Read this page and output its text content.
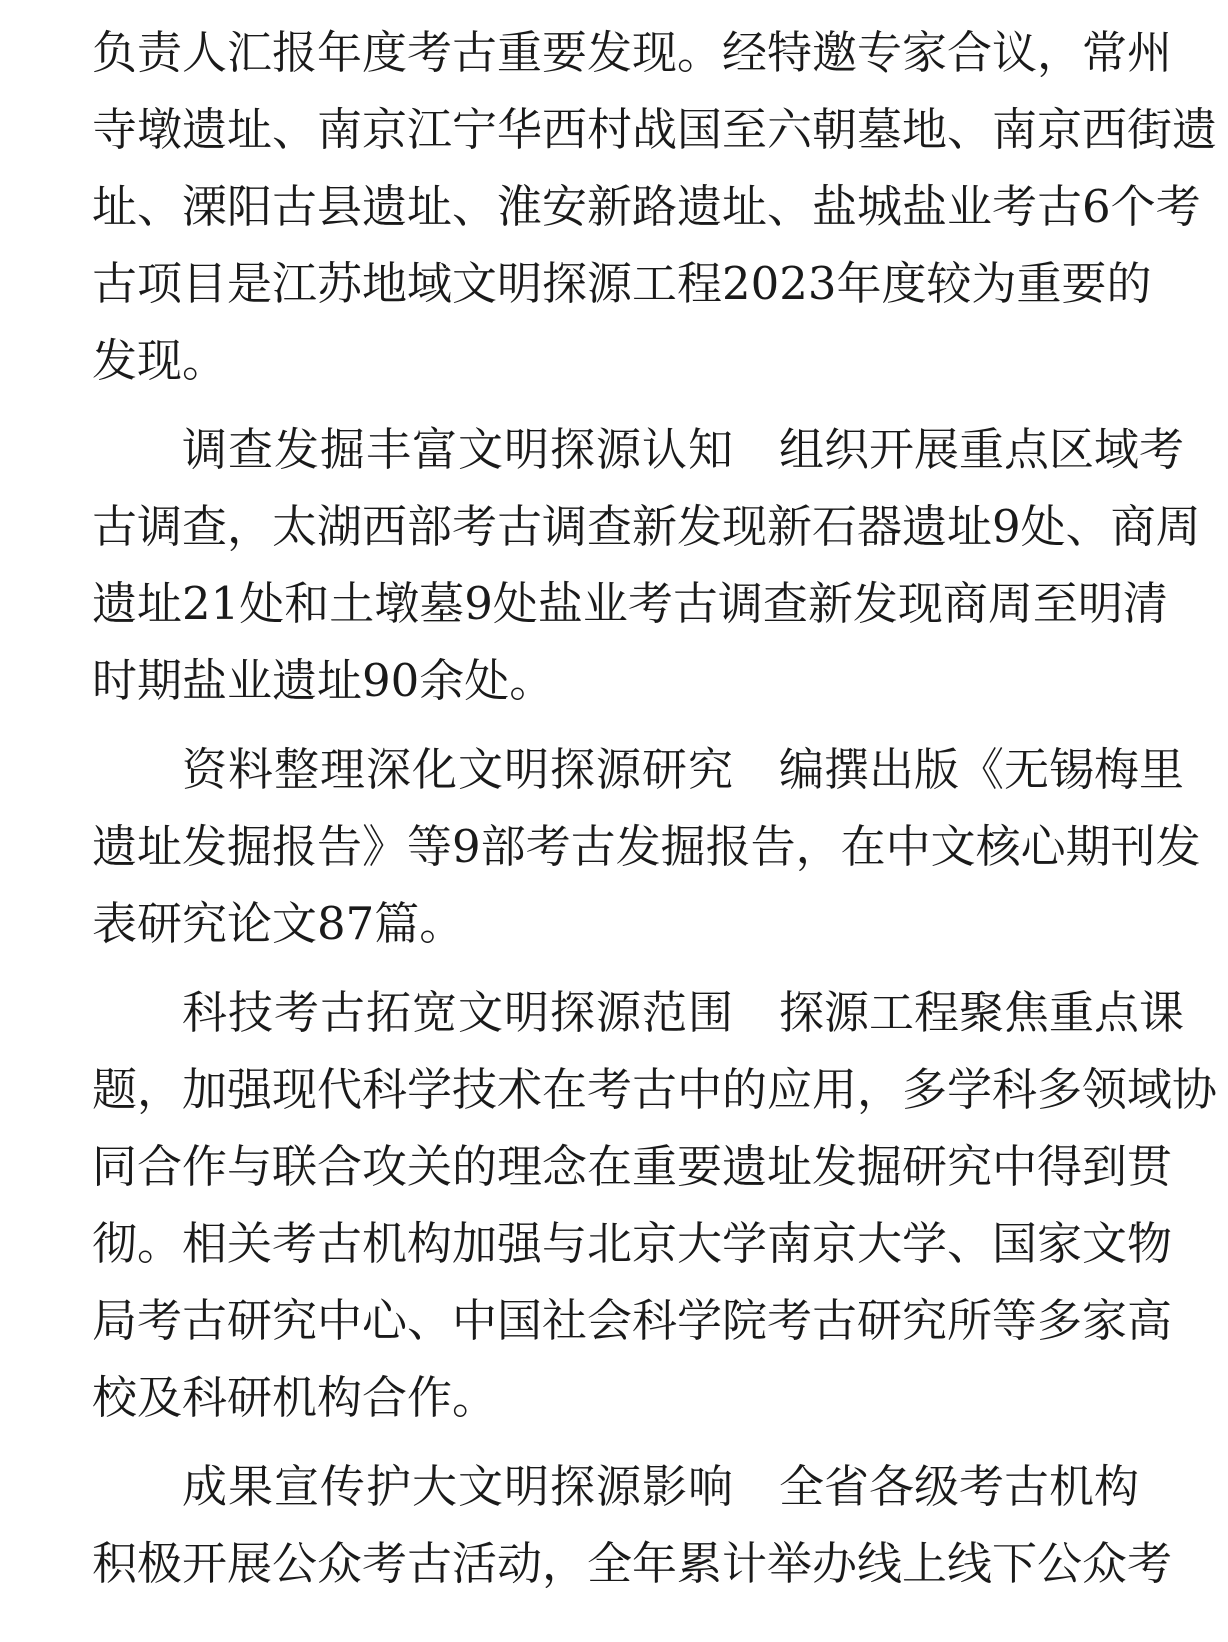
负责人汇报年度考古重要发现。经特邀专家合议，常州
寺墩遗址、南京江宁华西村战国至六朝墓地、南京西街遗
址、溧阳古县遗址、淮安新路遗址、盐城盐业考古6个考
古项目是江苏地域文明探源工程2023年度较为重要的
发现。
调查发掘丰富文明探源认知 组织开展重点区域考
古调查，太湖西部考古调查新发现新石器遗址9处、商周
遗址21处和土墩墓9处盐业考古调查新发现商周至明清
时期盐业遗址90余处。
资料整理深化文明探源研究 编撰出版《无锡梅里
遗址发掘报告》等9部考古发掘报告，在中文核心期刊发
表研究论文87篇。
科技考古拓宽文明探源范围 探源工程聚焦重点课
题，加强现代科学技术在考古中的应用，多学科多领域协
同合作与联合攻关的理念在重要遗址发掘研究中得到贯
彻。相关考古机构加强与北京大学南京大学、国家文物
局考古研究中心、中国社会科学院考古研究所等多家高
校及科研机构合作。
成果宣传护大文明探源影响 全省各级考古机构
积极开展公众考古活动，全年累计举办线上线下公众考
